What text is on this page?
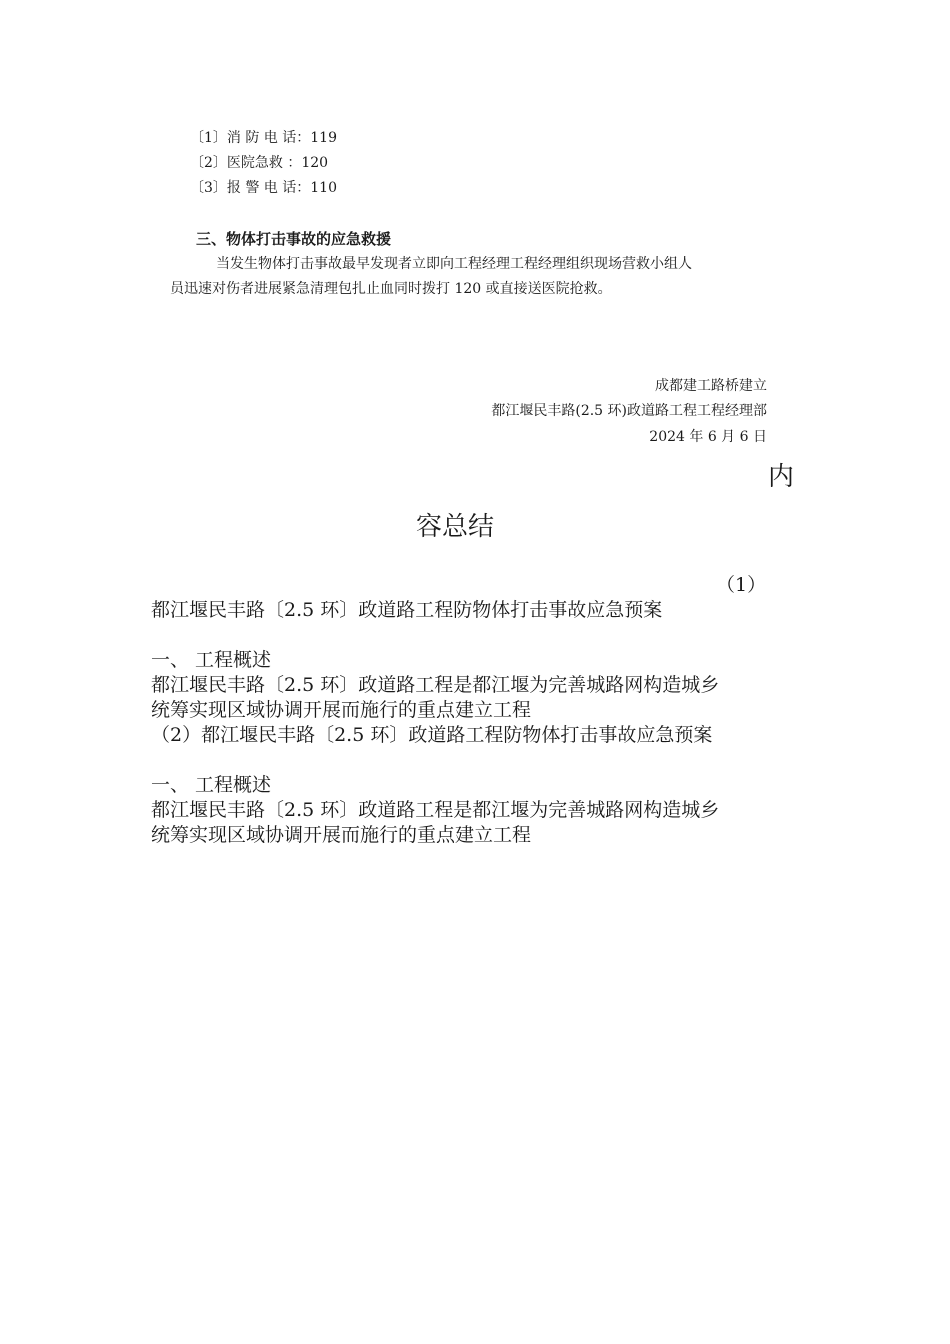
〔1〕消 防 电 话：119
〔2〕医院急救 ：120
〔3〕报 警 电 话：110
三、物体打击事故的应急救援
当发生物体打击事故最早发现者立即向工程经理工程经理组织现场营救小组人
员迅速对伤者进展紧急清理包扎止血同时拨打 120 或直接送医院抢救。
成都建工路桥建立
都江堰民丰路(2.5 环)政道路工程工程经理部
2024 年 6 月 6 日
内
容总结
（1）
都江堰民丰路〔2.5 环〕政道路工程防物体打击事故应急预案
一、 工程概述
都江堰民丰路〔2.5 环〕政道路工程是都江堰为完善城路网构造城乡
统筹实现区域协调开展而施行的重点建立工程
（2）都江堰民丰路〔2.5 环〕政道路工程防物体打击事故应急预案
一、 工程概述
都江堰民丰路〔2.5 环〕政道路工程是都江堰为完善城路网构造城乡
统筹实现区域协调开展而施行的重点建立工程
